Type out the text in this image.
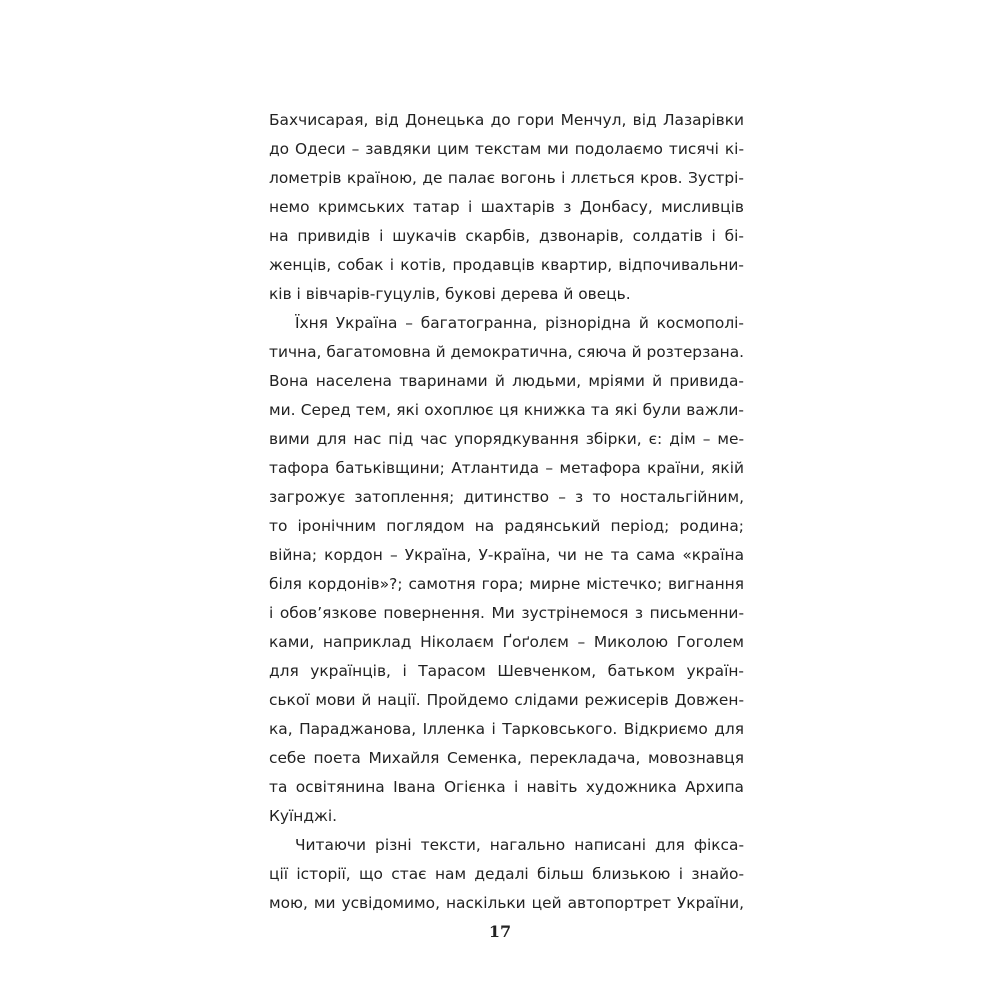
Бахчисарая, від Донецька до гори Менчул, від Лазарівки
до Одеси – завдяки цим текстам ми подолаємо тисячі кі-
лометрів країною, де палає вогонь і ллється кров. Зустрі-
немо кримських татар і шахтарів з Донбасу, мисливців
на привидів і шукачів скарбів, дзвонарів, солдатів і бі-
женців, собак і котів, продавців квартир, відпочивальни-
ків і вівчарів-гуцулів, букові дерева й овець.
Їхня Україна – багатогранна, різнорідна й космополі-
тична, багатомовна й демократична, сяюча й розтерзана.
Вона населена тваринами й людьми, мріями й привида-
ми. Серед тем, які охоплює ця книжка та які були важли-
вими для нас під час упорядкування збірки, є: дім – ме-
тафора батьківщини; Атлантида – метафора країни, якій
загрожує затоплення; дитинство – з то ностальгійним,
то іронічним поглядом на радянський період; родина;
війна; кордон – Україна, У-країна, чи не та сама «країна
біля кордонів»?; самотня гора; мирне містечко; вигнання
і обов’язкове повернення. Ми зустрінемося з письменни-
ками, наприклад Ніколаєм Ґоґолєм – Миколою Гоголем
для українців, і Тарасом Шевченком, батьком україн-
ської мови й нації. Пройдемо слідами режисерів Довжен-
ка, Параджанова, Ілленка і Тарковського. Відкриємо для
себе поета Михайля Семенка, перекладача, мовознавця
та освітянина Івана Огієнка і навіть художника Архипа
Куїнджі.
Читаючи різні тексти, нагально написані для фікса-
ції історії, що стає нам дедалі більш близькою і знайо-
мою, ми усвідомимо, наскільки цей автопортрет України,
17
